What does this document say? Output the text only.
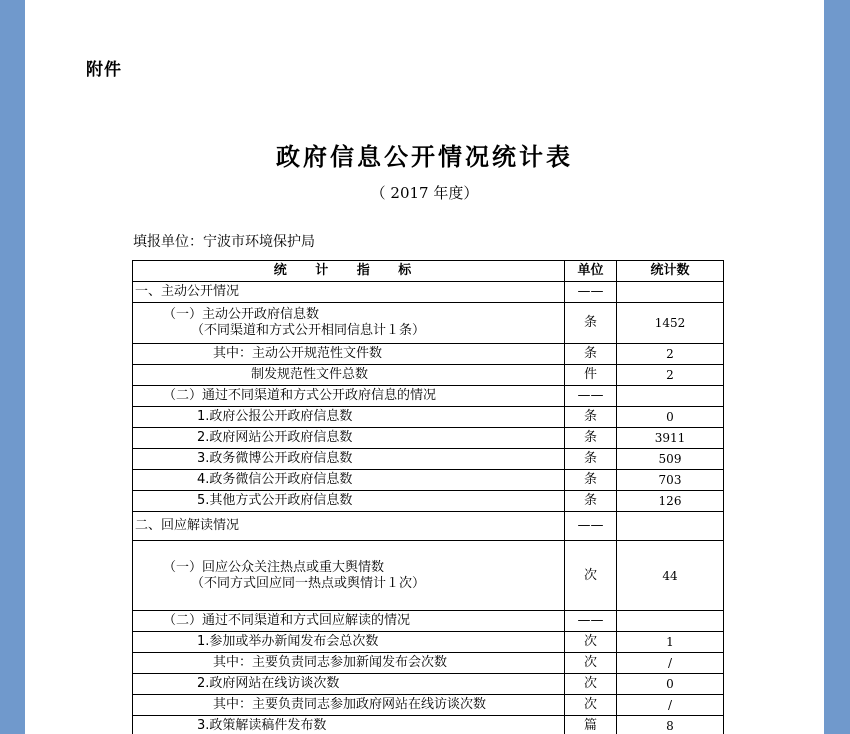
附件
政府信息公开情况统计表
（ 2017 年度）
填报单位：宁波市环境保护局
统 计 指 标	单位	统计数

一、主动公开情况	——	

（一）主动公开政府信息数
（不同渠道和方式公开相同信息计１条）	条	1452

其中：主动公开规范性文件数	条	2

制发规范性文件总数	件	2

（二）通过不同渠道和方式公开政府信息的情况	——	

1.政府公报公开政府信息数	条	0

2.政府网站公开政府信息数	条	3911

3.政务微博公开政府信息数	条	509

4.政务微信公开政府信息数	条	703

5.其他方式公开政府信息数	条	126

二、回应解读情况	——	

（一）回应公众关注热点或重大舆情数
（不同方式回应同一热点或舆情计１次）	次	44

（二）通过不同渠道和方式回应解读的情况	——	

1.参加或举办新闻发布会总次数	次	1

其中：主要负责同志参加新闻发布会次数	次	/

2.政府网站在线访谈次数	次	0

其中：主要负责同志参加政府网站在线访谈次数	次	/

3.政策解读稿件发布数	篇	8
